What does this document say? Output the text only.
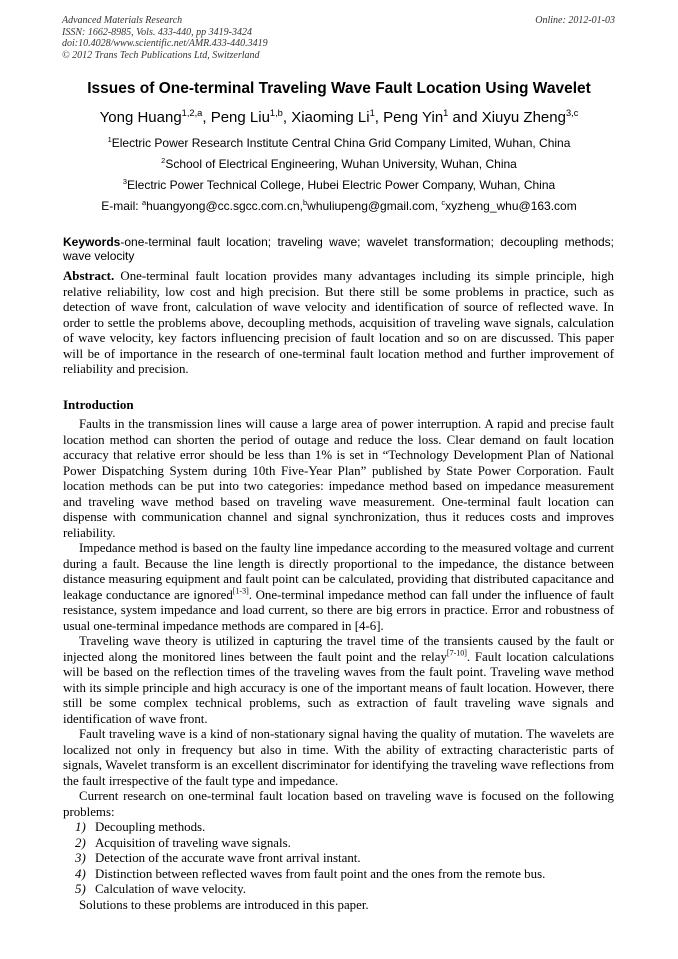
Advanced Materials Research
ISSN: 1662-8985, Vols. 433-440, pp 3419-3424
doi:10.4028/www.scientific.net/AMR.433-440.3419
© 2012 Trans Tech Publications Ltd, Switzerland
Online: 2012-01-03
Issues of One-terminal Traveling Wave Fault Location Using Wavelet
Yong Huang$^{1,2,a}$, Peng Liu$^{1,b}$, Xiaoming Li$^1$, Peng Yin$^1$ and Xiuyu Zheng$^{3,c}$
$^1$Electric Power Research Institute Central China Grid Company Limited, Wuhan, China
$^2$School of Electrical Engineering, Wuhan University, Wuhan, China
$^3$Electric Power Technical College, Hubei Electric Power Company, Wuhan, China
E-mail: $^a$huangyong@cc.sgcc.com.cn,$^b$whuliupeng@gmail.com, $^c$xyzheng_whu@163.com
Keywords-one-terminal fault location; traveling wave; wavelet transformation; decoupling methods; wave velocity
Abstract. One-terminal fault location provides many advantages including its simple principle, high relative reliability, low cost and high precision. But there still be some problems in practice, such as detection of wave front, calculation of wave velocity and identification of source of reflected wave. In order to settle the problems above, decoupling methods, acquisition of traveling wave signals, calculation of wave velocity, key factors influencing precision of fault location and so on are discussed. This paper will be of importance in the research of one-terminal fault location method and further improvement of reliability and precision.
Introduction

Faults in the transmission lines will cause a large area of power interruption. A rapid and precise fault location method can shorten the period of outage and reduce the loss. Clear demand on fault location accuracy that relative error should be less than 1% is set in “Technology Development Plan of National Power Dispatching System during 10th Five-Year Plan” published by State Power Corporation. Fault location methods can be put into two categories: impedance method based on impedance measurement and traveling wave method based on traveling wave measurement. One-terminal fault location can dispense with communication channel and signal synchronization, thus it reduces costs and improves reliability.

Impedance method is based on the faulty line impedance according to the measured voltage and current during a fault. Because the line length is directly proportional to the impedance, the distance between distance measuring equipment and fault point can be calculated, providing that distributed capacitance and leakage conductance are ignored[1-3]. One-terminal impedance method can fall under the influence of fault resistance, system impedance and load current, so there are big errors in practice. Error and robustness of usual one-terminal impedance methods are compared in [4-6].

Traveling wave theory is utilized in capturing the travel time of the transients caused by the fault or injected along the monitored lines between the fault point and the relay[7-10]. Fault location calculations will be based on the reflection times of the traveling waves from the fault point. Traveling wave method with its simple principle and high accuracy is one of the important means of fault location. However, there still be some complex technical problems, such as extraction of fault traveling wave signals and identification of wave front.

Fault traveling wave is a kind of non-stationary signal having the quality of mutation. The wavelets are localized not only in frequency but also in time. With the ability of extracting characteristic parts of signals, Wavelet transform is an excellent discriminator for identifying the traveling wave reflections from the fault irrespective of the fault type and impedance.

Current research on one-terminal fault location based on traveling wave is focused on the following problems:

1) Decoupling methods.
2) Acquisition of traveling wave signals.
3) Detection of the accurate wave front arrival instant.
4) Distinction between reflected waves from fault point and the ones from the remote bus.
5) Calculation of wave velocity.

Solutions to these problems are introduced in this paper.
